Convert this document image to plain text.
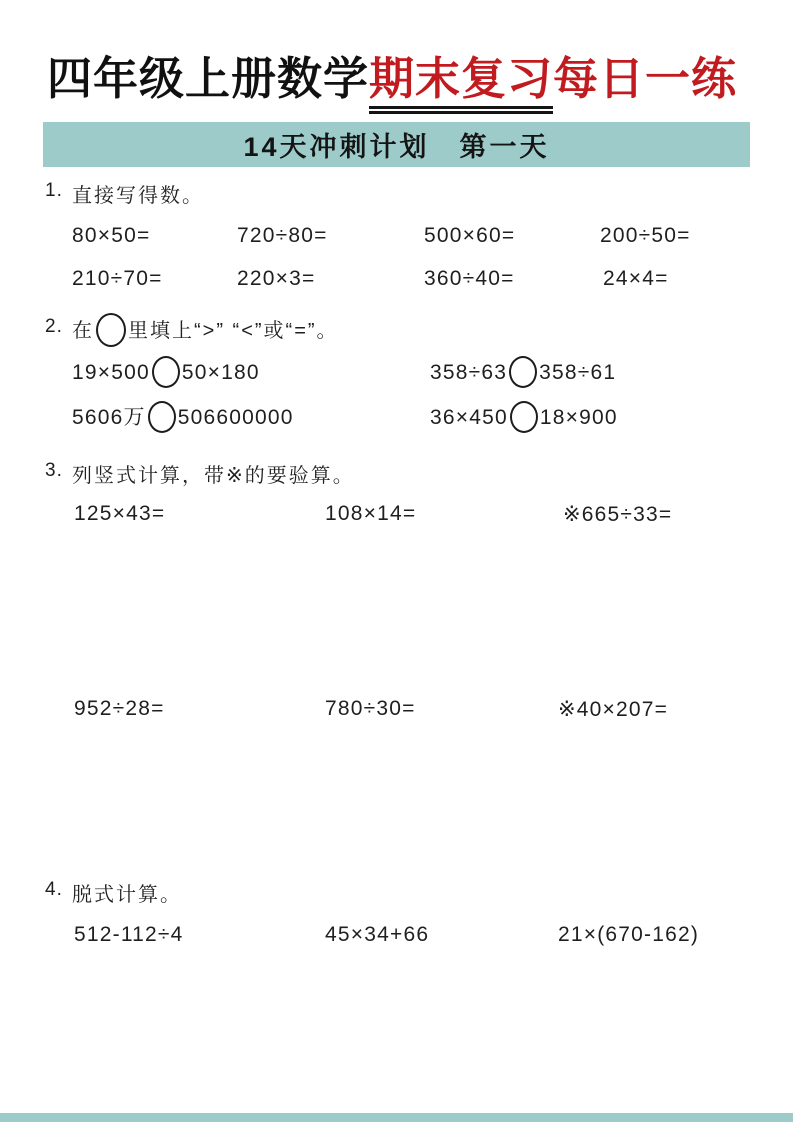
四年级上册数学期末复习每日一练
14天冲刺计划　第一天
1. 直接写得数。
80×50=	720÷80=	500×60=	200÷50=
210÷70=	220×3=	360÷40=	24×4=
2. 在 里填上“>” “<”或“=”。
19×500 50×180	358÷63 358÷61
5606万 506600000	36×450 18×900
3. 列竖式计算，带※的要验算。
125×43=	108×14=	※665÷33=
952÷28=	780÷30=	※40×207=
4. 脱式计算。
512-112÷4	45×34+66	21×(670-162)
